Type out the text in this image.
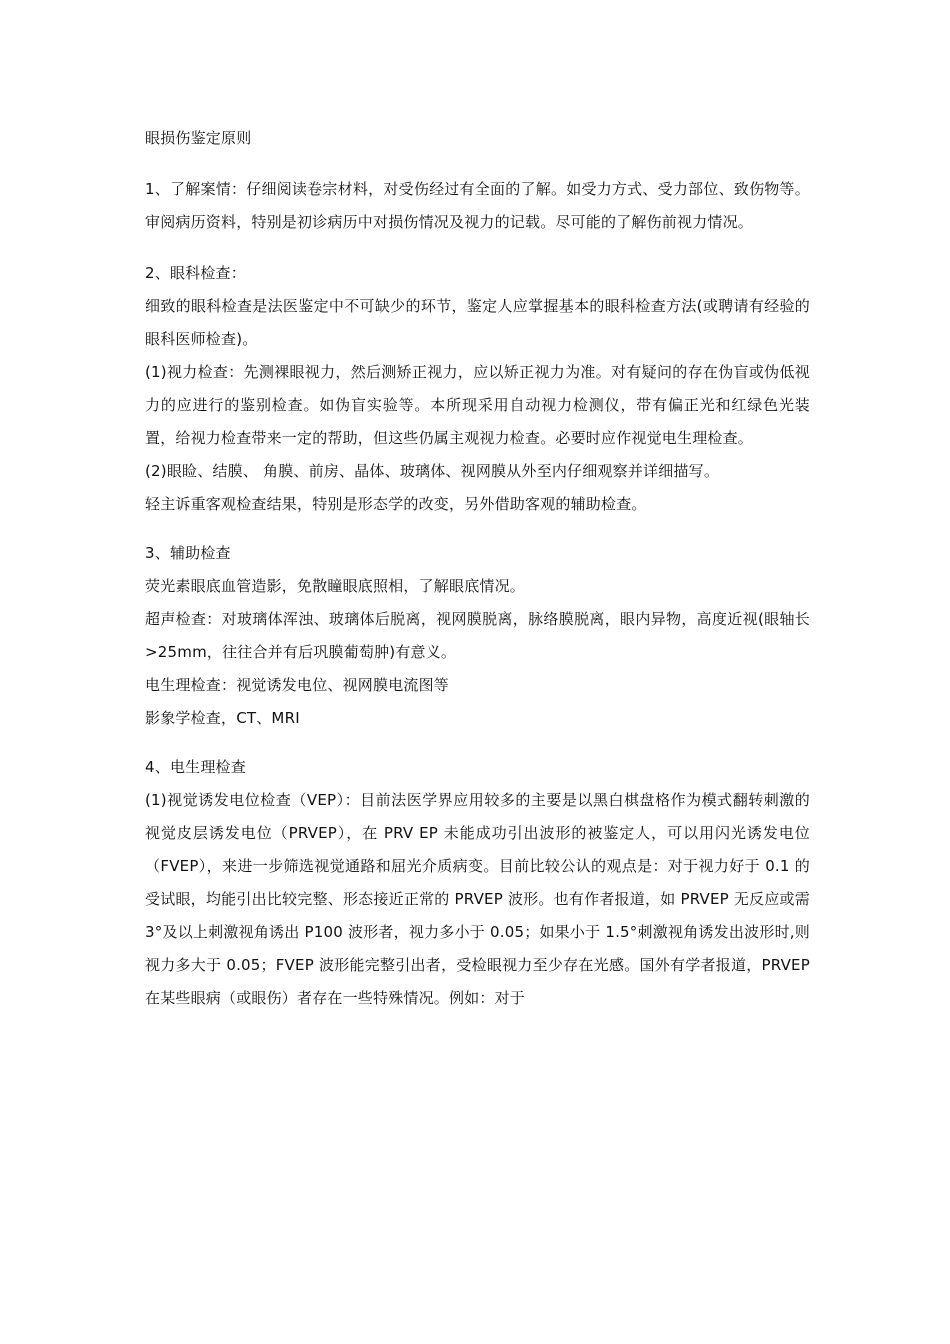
眼损伤鉴定原则

1、了解案情：仔细阅读卷宗材料，对受伤经过有全面的了解。如受力方式、受力部位、致伤物等。审阅病历资料，特别是初诊病历中对损伤情况及视力的记载。尽可能的了解伤前视力情况。

2、眼科检查：

细致的眼科检查是法医鉴定中不可缺少的环节，鉴定人应掌握基本的眼科检查方法(或聘请有经验的眼科医师检查)。

(1)视力检查：先测裸眼视力，然后测矫正视力，应以矫正视力为准。对有疑问的存在伪盲或伪低视力的应进行的鉴别检查。如伪盲实验等。本所现采用自动视力检测仪，带有偏正光和红绿色光装置，给视力检查带来一定的帮助，但这些仍属主观视力检查。必要时应作视觉电生理检查。

(2)眼睑、结膜、 角膜、前房、晶体、玻璃体、视网膜从外至内仔细观察并详细描写。

轻主诉重客观检查结果，特别是形态学的改变，另外借助客观的辅助检查。

3、辅助检查

荧光素眼底血管造影，免散瞳眼底照相，了解眼底情况。

超声检查：对玻璃体浑浊、玻璃体后脱离，视网膜脱离，脉络膜脱离，眼内异物，高度近视(眼轴长>25mm，往往合并有后巩膜葡萄肿)有意义。

电生理检查：视觉诱发电位、视网膜电流图等

影象学检查，CT、MRI

4、电生理检查

(1)视觉诱发电位检查（VEP）：目前法医学界应用较多的主要是以黑白棋盘格作为模式翻转刺激的视觉皮层诱发电位（PRVEP），在 PRV EP 未能成功引出波形的被鉴定人，可以用闪光诱发电位（FVEP），来进一步筛选视觉通路和屈光介质病变。目前比较公认的观点是：对于视力好于 0.1 的受试眼，均能引出比较完整、形态接近正常的 PRVEP 波形。也有作者报道，如 PRVEP 无反应或需 3°及以上刺激视角诱出 P100 波形者，视力多小于 0.05；如果小于 1.5°刺激视角诱发出波形时,则视力多大于 0.05；FVEP 波形能完整引出者，受检眼视力至少存在光感。国外有学者报道，PRVEP 在某些眼病（或眼伤）者存在一些特殊情况。例如：对于
